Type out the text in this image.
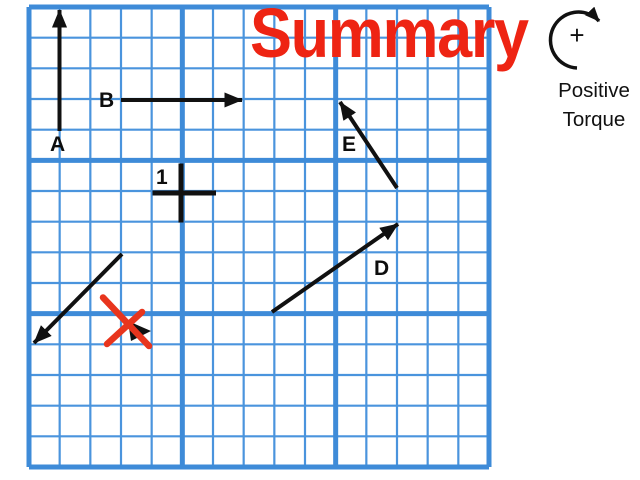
Summary +
Positive
Torque
A
B
E
D
1
